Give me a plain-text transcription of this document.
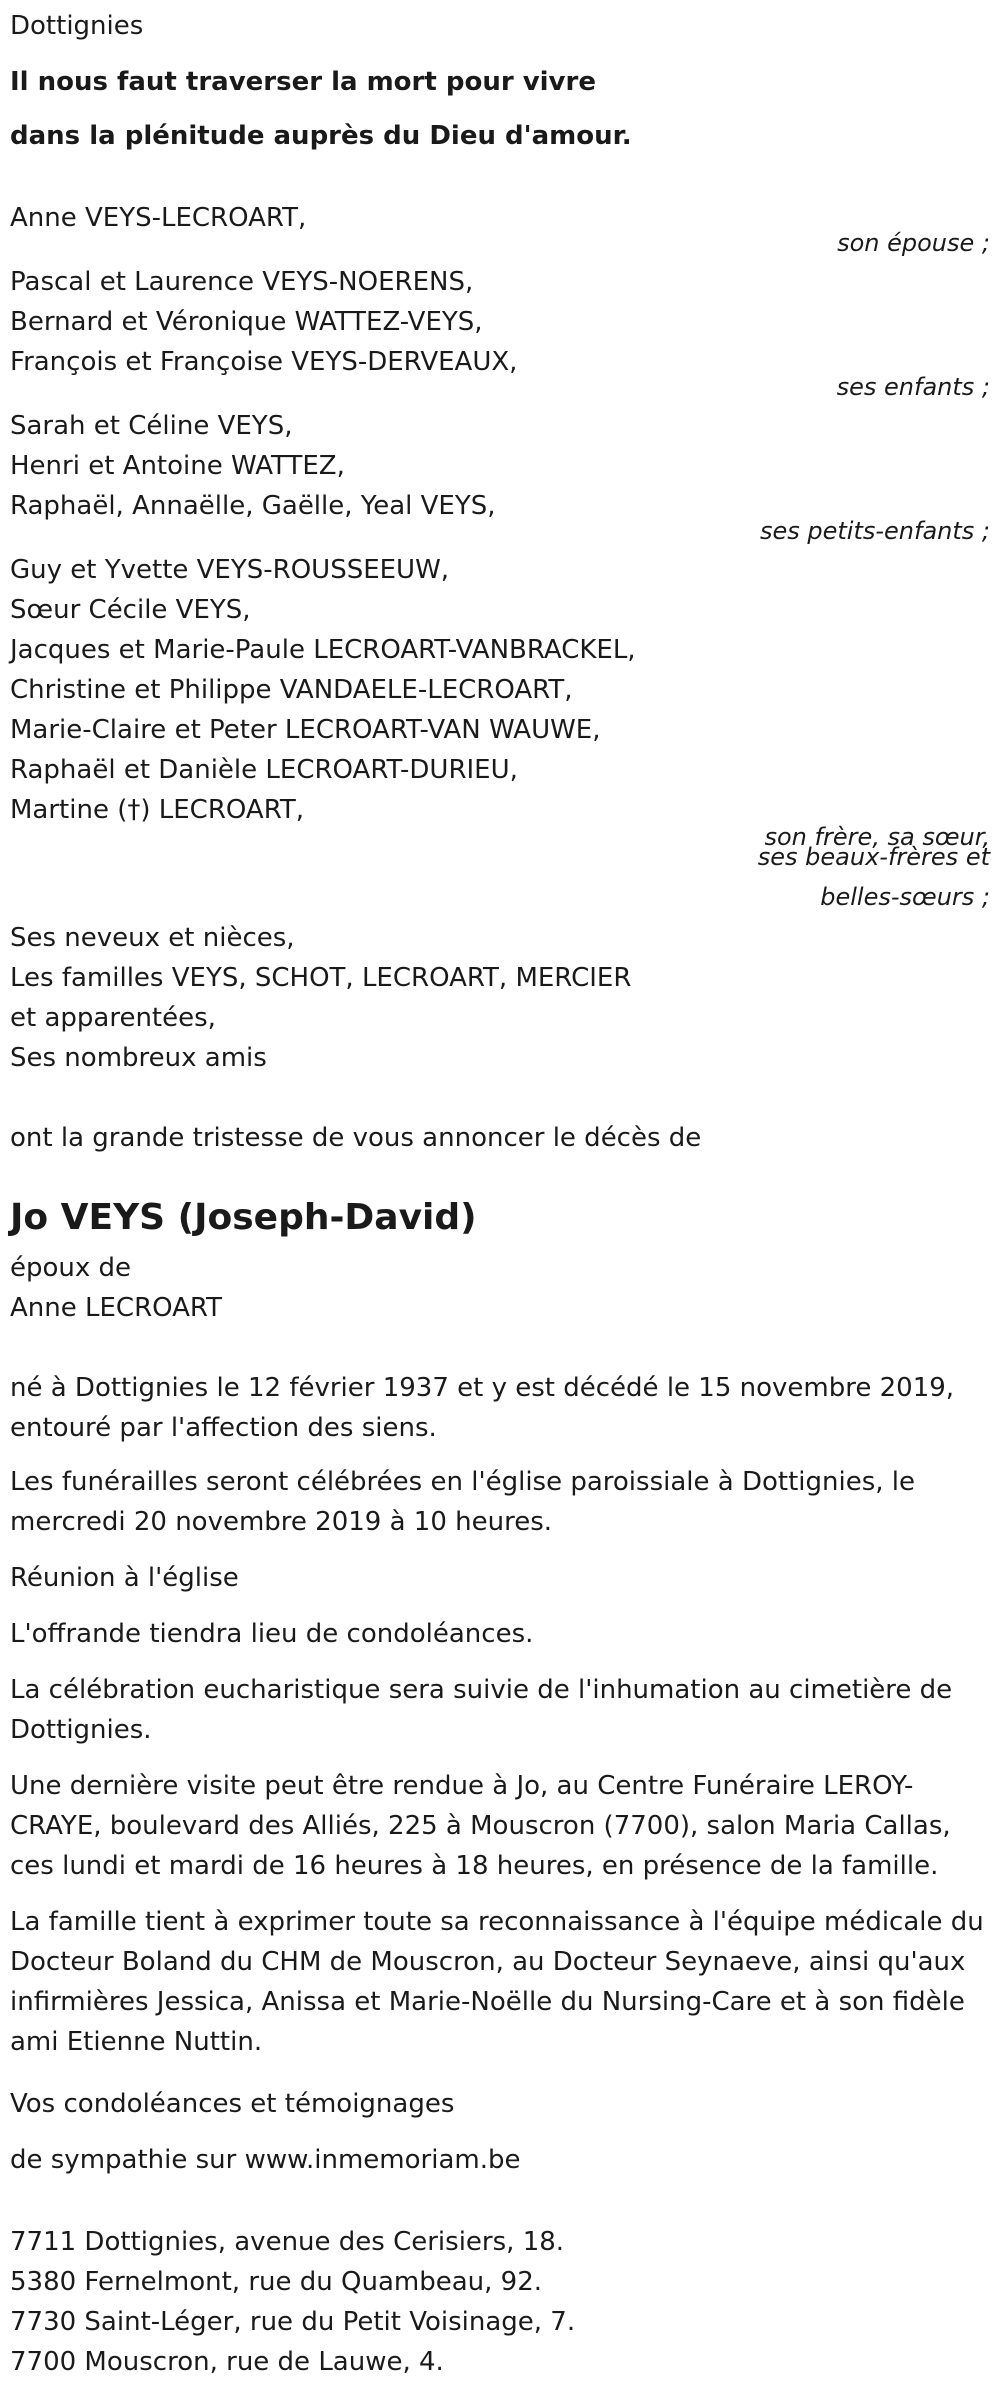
Dottignies
Il nous faut traverser la mort pour vivre
dans la plénitude auprès du Dieu d'amour.
Anne VEYS-LECROART,
son épouse ;
Pascal et Laurence VEYS-NOERENS,
Bernard et Véronique WATTEZ-VEYS,
François et Françoise VEYS-DERVEAUX,
ses enfants ;
Sarah et Céline VEYS,
Henri et Antoine WATTEZ,
Raphaël, Annaëlle, Gaëlle, Yeal VEYS,
ses petits-enfants ;
Guy et Yvette VEYS-ROUSSEEUW,
Sœur Cécile VEYS,
Jacques et Marie-Paule LECROART-VANBRACKEL,
Christine et Philippe VANDAELE-LECROART,
Marie-Claire et Peter LECROART-VAN WAUWE,
Raphaël et Danièle LECROART-DURIEU,
Martine (†) LECROART,
son frère, sa sœur,
ses beaux-frères et
belles-sœurs ;
Ses neveux et nièces,
Les familles VEYS, SCHOT, LECROART, MERCIER
et apparentées,
Ses nombreux amis
ont la grande tristesse de vous annoncer le décès de
Jo VEYS (Joseph-David)
époux de
Anne LECROART
né à Dottignies le 12 février 1937 et y est décédé le 15 novembre 2019, entouré par l'affection des siens.
Les funérailles seront célébrées en l'église paroissiale à Dottignies, le mercredi 20 novembre 2019 à 10 heures.
Réunion à l'église
L'offrande tiendra lieu de condoléances.
La célébration eucharistique sera suivie de l'inhumation au cimetière de Dottignies.
Une dernière visite peut être rendue à Jo, au Centre Funéraire LEROY-CRAYE, boulevard des Alliés, 225 à Mouscron (7700), salon Maria Callas, ces lundi et mardi de 16 heures à 18 heures, en présence de la famille.
La famille tient à exprimer toute sa reconnaissance à l'équipe médicale du Docteur Boland du CHM de Mouscron, au Docteur Seynaeve, ainsi qu'aux infirmières Jessica, Anissa et Marie-Noëlle du Nursing-Care et à son fidèle ami Etienne Nuttin.
Vos condoléances et témoignages
de sympathie sur www.inmemoriam.be
7711 Dottignies, avenue des Cerisiers, 18.
5380 Fernelmont, rue du Quambeau, 92.
7730 Saint-Léger, rue du Petit Voisinage, 7.
7700 Mouscron, rue de Lauwe, 4.
